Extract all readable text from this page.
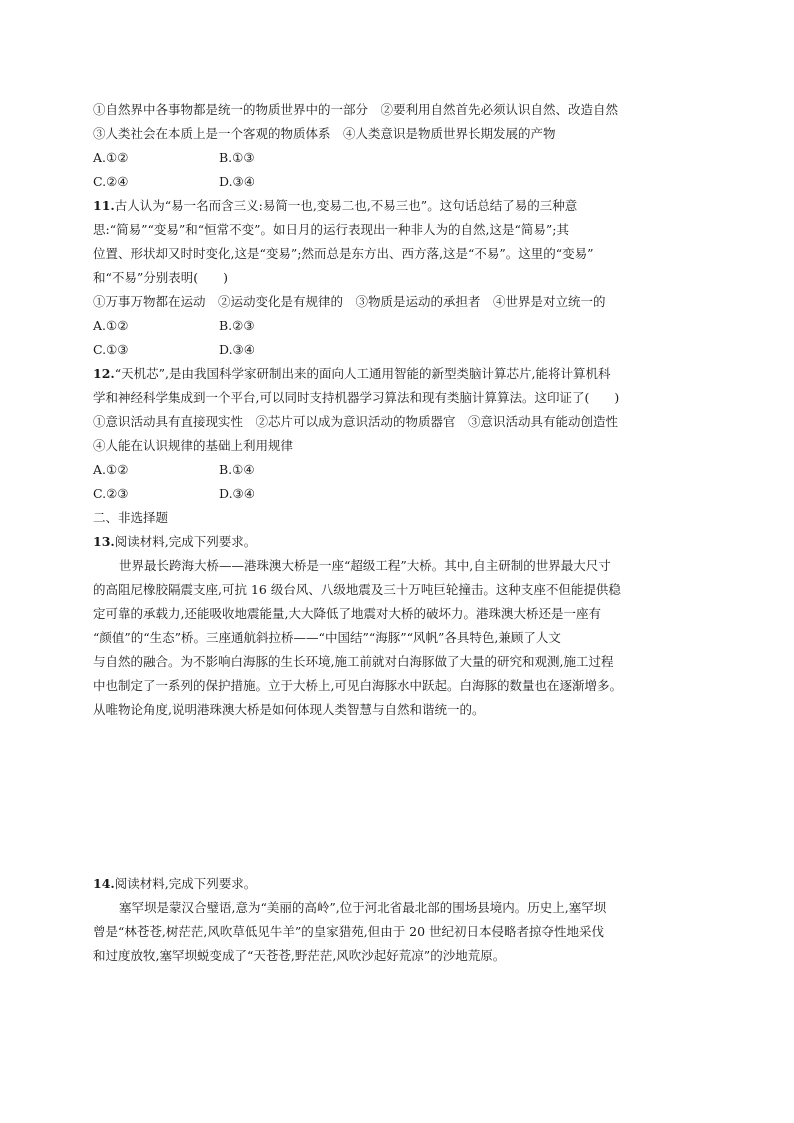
①自然界中各事物都是统一的物质世界中的一部分　②要利用自然首先必须认识自然、改造自然
③人类社会在本质上是一个客观的物质体系　④人类意识是物质世界长期发展的产物
A.①②	B.①③
C.②④	D.③④
11.古人认为“易一名而含三义:易简一也,变易二也,不易三也”。这句话总结了易的三种意
思:“简易”“变易”和“恒常不变”。如日月的运行表现出一种非人为的自然,这是“简易”;其
位置、形状却又时时变化,这是“变易”;然而总是东方出、西方落,这是“不易”。这里的“变易”
和“不易”分别表明(　　)
①万事万物都在运动　②运动变化是有规律的　③物质是运动的承担者　④世界是对立统一的
A.①②	B.②③
C.①③	D.③④
12.“天机芯”,是由我国科学家研制出来的面向人工通用智能的新型类脑计算芯片,能将计算机科
学和神经科学集成到一个平台,可以同时支持机器学习算法和现有类脑计算算法。这印证了(　　)
①意识活动具有直接现实性　②芯片可以成为意识活动的物质器官　③意识活动具有能动创造性
④人能在认识规律的基础上利用规律
A.①②	B.①④
C.②③	D.③④
二、非选择题
13.阅读材料,完成下列要求。
世界最长跨海大桥——港珠澳大桥是一座“超级工程”大桥。其中,自主研制的世界最大尺寸
的高阻尼橡胶隔震支座,可抗 16 级台风、八级地震及三十万吨巨轮撞击。这种支座不但能提供稳
定可靠的承载力,还能吸收地震能量,大大降低了地震对大桥的破坏力。港珠澳大桥还是一座有
“颜值”的“生态”桥。三座通航斜拉桥——“中国结”“海豚”“风帆”各具特色,兼顾了人文
与自然的融合。为不影响白海豚的生长环境,施工前就对白海豚做了大量的研究和观测,施工过程
中也制定了一系列的保护措施。立于大桥上,可见白海豚水中跃起。白海豚的数量也在逐渐增多。
从唯物论角度,说明港珠澳大桥是如何体现人类智慧与自然和谐统一的。
14.阅读材料,完成下列要求。
塞罕坝是蒙汉合璧语,意为“美丽的高岭”,位于河北省最北部的围场县境内。历史上,塞罕坝
曾是“林苍苍,树茫茫,风吹草低见牛羊”的皇家猎苑,但由于 20 世纪初日本侵略者掠夺性地采伐
和过度放牧,塞罕坝蜕变成了“天苍苍,野茫茫,风吹沙起好荒凉”的沙地荒原。
